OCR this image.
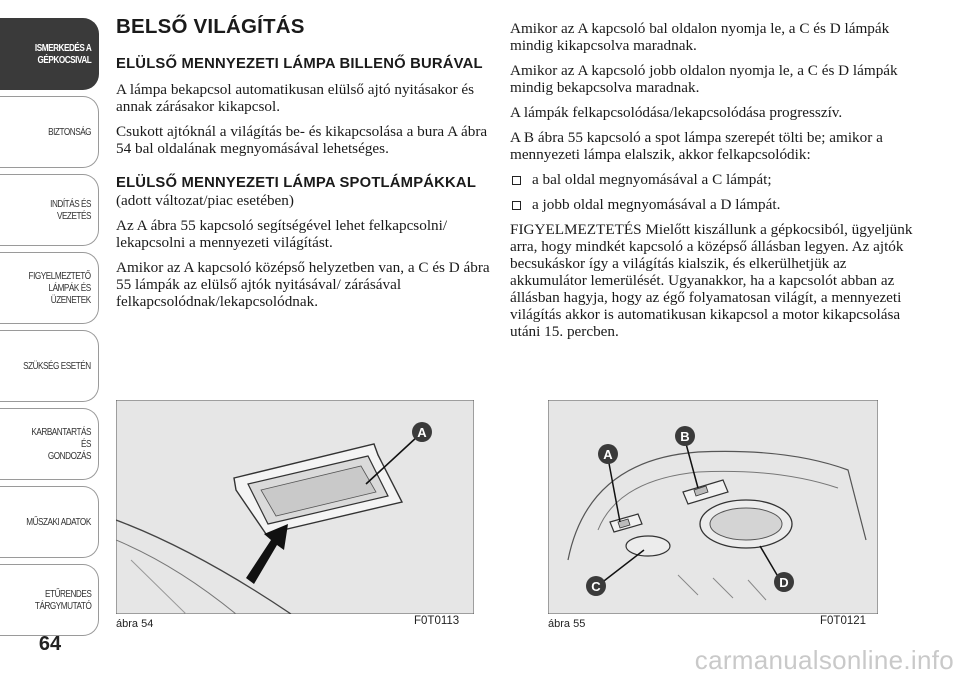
ISMERKEDÉS A
GÉPKOCSIVAL
BIZTONSÁG
INDÍTÁS ÉS VEZETÉS
FIGYELMEZTETŐ
LÁMPÁK ÉS
ÜZENETEK
SZÜKSÉG ESETÉN
KARBANTARTÁS ÉS
GONDOZÁS
MŰSZAKI ADATOK
ETŰRENDES
TÁRGYMUTATÓ
64
BELSŐ VILÁGÍTÁS
ELÜLSŐ MENNYEZETI LÁMPA BILLENŐ BURÁVAL

A lámpa bekapcsol automatikusan elülső ajtó nyitásakor és annak zárásakor kikapcsol.

Csukott ajtóknál a világítás be- és kikapcsolása a bura A ábra 54 bal oldalának megnyomásával lehetséges.

ELÜLSŐ MENNYEZETI LÁMPA SPOTLÁMPÁKKAL
(adott változat/piac esetében)

Az A ábra 55 kapcsoló segítségével lehet felkapcsolni/ lekapcsolni a mennyezeti világítást.

Amikor az A kapcsoló középső helyzetben van, a C és D ábra 55 lámpák az elülső ajtók nyitásával/ zárásával felkapcsolódnak/lekapcsolódnak.

Amikor az A kapcsoló bal oldalon nyomja le, a C és D lámpák mindig kikapcsolva maradnak.

Amikor az A kapcsoló jobb oldalon nyomja le, a C és D lámpák mindig bekapcsolva maradnak.

A lámpák felkapcsolódása/lekapcsolódása progresszív.

A B ábra 55 kapcsoló a spot lámpa szerepét tölti be; amikor a mennyezeti lámpa elalszik, akkor felkapcsolódik:

a bal oldal megnyomásával a C lámpát;
a jobb oldal megnyomásával a D lámpát.

FIGYELMEZTETÉS Mielőtt kiszállunk a gépkocsiból, ügyeljünk arra, hogy mindkét kapcsoló a középső állásban legyen. Az ajtók becsukáskor így a világítás kialszik, és elkerülhetjük az akkumulátor lemerülését. Ugyanakkor, ha a kapcsolót abban az állásban hagyja, hogy az égő folyamatosan világít, a mennyezeti világítás akkor is automatikusan kikapcsol a motor kikapcsolása utáni 15. percben.

A
ábra 54	F0T0113
A
B
C	D
ábra 55	F0T0121
carmanualsonline.info
